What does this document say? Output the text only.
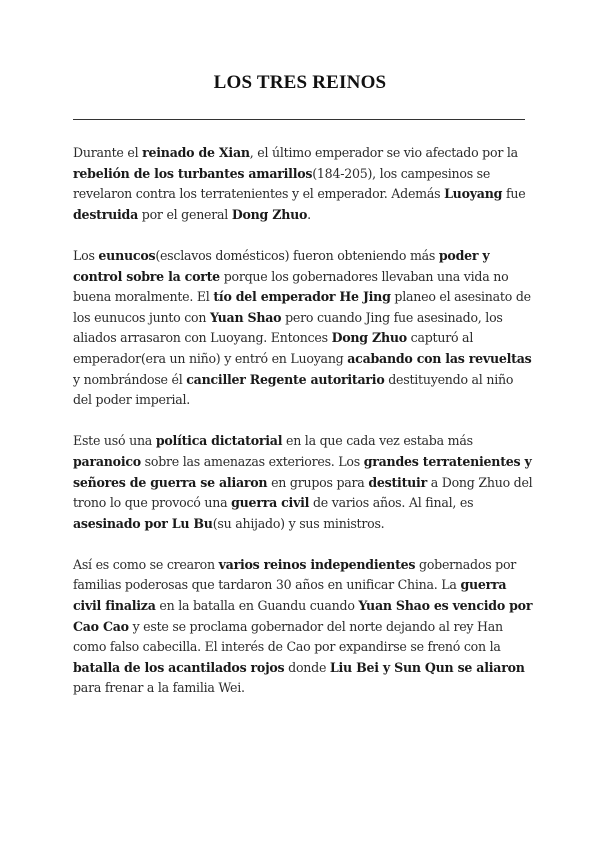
LOS TRES REINOS

Durante el reinado de Xian, el último emperador se vio afectado por la rebelión de los turbantes amarillos(184-205), los campesinos se revelaron contra los terratenientes y el emperador. Además Luoyang fue destruida por el general Dong Zhuo.

Los eunucos(esclavos domésticos) fueron obteniendo más poder y control sobre la corte porque los gobernadores llevaban una vida no buena moralmente. El tío del emperador He Jing planeo el asesinato de los eunucos junto con Yuan Shao pero cuando Jing fue asesinado, los aliados arrasaron con Luoyang. Entonces Dong Zhuo capturó al emperador(era un niño) y entró en Luoyang acabando con las revueltas y nombrándose él canciller Regente autoritario destituyendo al niño del poder imperial.

Este usó una política dictatorial en la que cada vez estaba más paranoico sobre las amenazas exteriores. Los grandes terratenientes y señores de guerra se aliaron en grupos para destituir a Dong Zhuo del trono lo que provocó una guerra civil de varios años. Al final, es asesinado por Lu Bu(su ahijado) y sus ministros.

Así es como se crearon varios reinos independientes gobernados por familias poderosas que tardaron 30 años en unificar China. La guerra civil finaliza en la batalla en Guandu cuando Yuan Shao es vencido por Cao Cao y este se proclama gobernador del norte dejando al rey Han como falso cabecilla. El interés de Cao por expandirse se frenó con la batalla de los acantilados rojos donde Liu Bei y Sun Qun se aliaron para frenar a la familia Wei.
